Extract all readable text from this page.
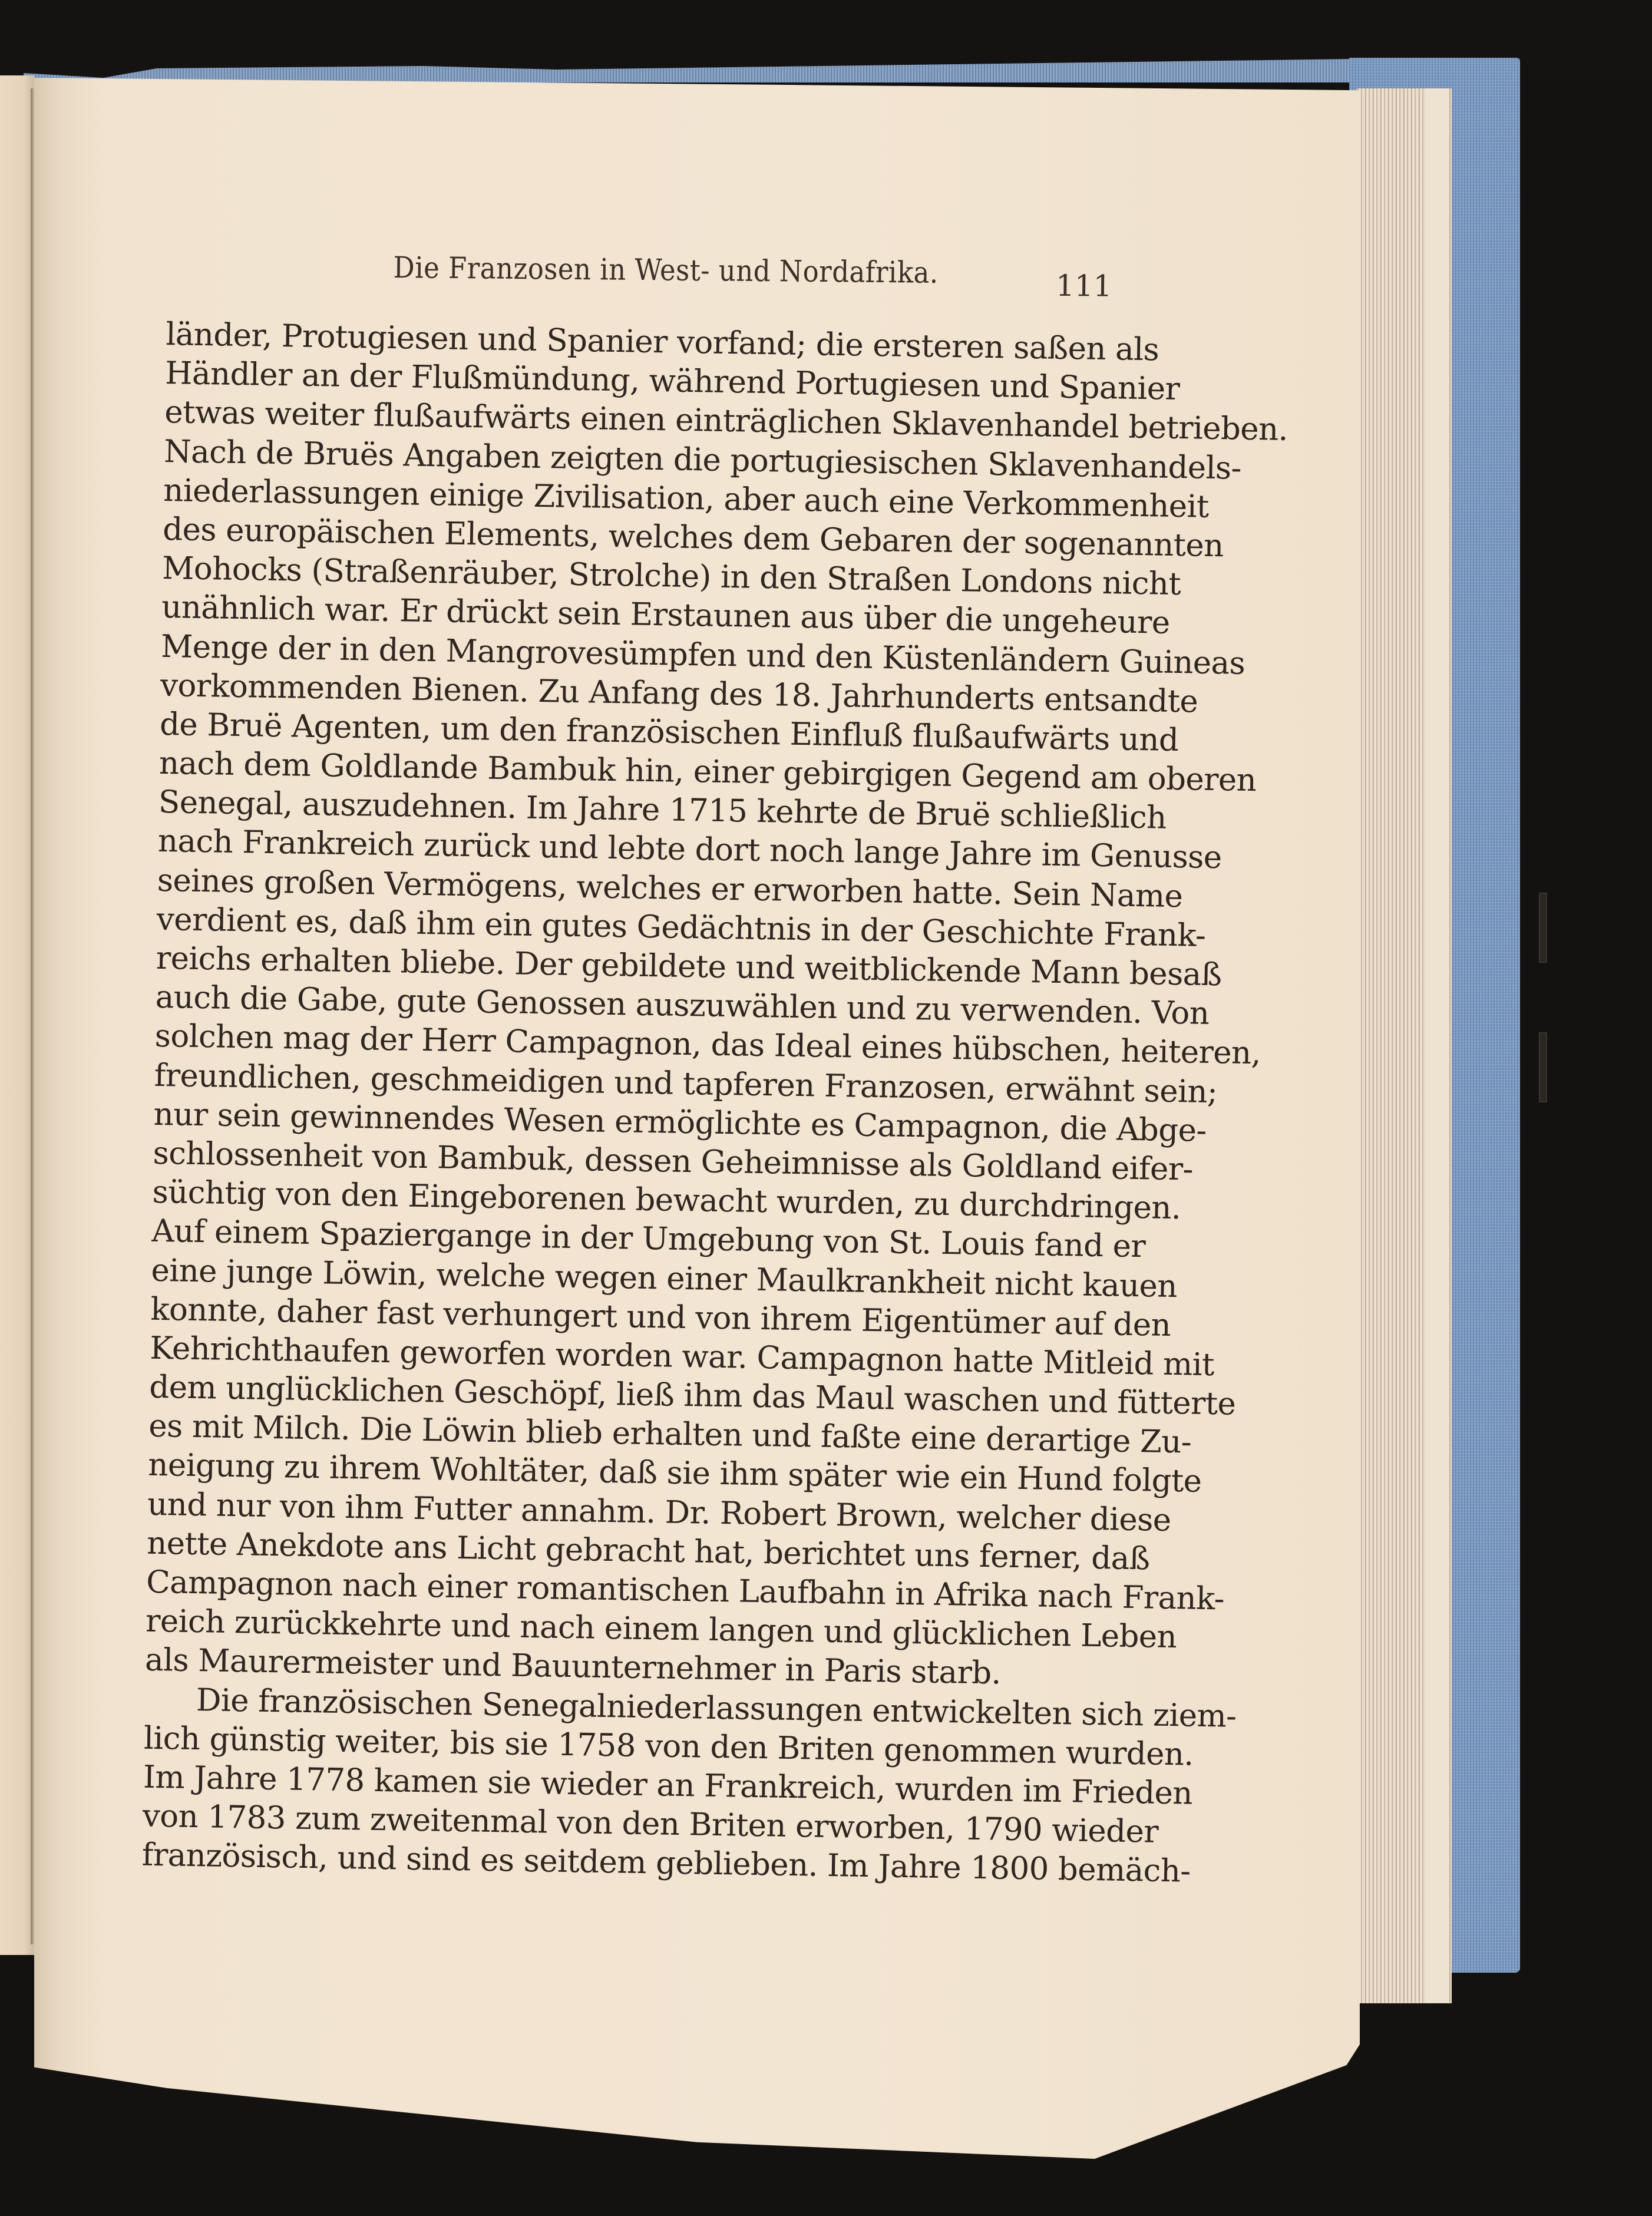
Die Franzosen in West- und Nordafrika.	111
länder, Protugiesen und Spanier vorfand; die ersteren saßen als
Händler an der Flußmündung, während Portugiesen und Spanier
etwas weiter flußaufwärts einen einträglichen Sklavenhandel betrieben.
Nach de Bruës Angaben zeigten die portugiesischen Sklavenhandels-
niederlassungen einige Zivilisation, aber auch eine Verkommenheit
des europäischen Elements, welches dem Gebaren der sogenannten
Mohocks (Straßenräuber, Strolche) in den Straßen Londons nicht
unähnlich war. Er drückt sein Erstaunen aus über die ungeheure
Menge der in den Mangrovesümpfen und den Küstenländern Guineas
vorkommenden Bienen. Zu Anfang des 18. Jahrhunderts entsandte
de Bruë Agenten, um den französischen Einfluß flußaufwärts und
nach dem Goldlande Bambuk hin, einer gebirgigen Gegend am oberen
Senegal, auszudehnen. Im Jahre 1715 kehrte de Bruë schließlich
nach Frankreich zurück und lebte dort noch lange Jahre im Genusse
seines großen Vermögens, welches er erworben hatte. Sein Name
verdient es, daß ihm ein gutes Gedächtnis in der Geschichte Frank-
reichs erhalten bliebe. Der gebildete und weitblickende Mann besaß
auch die Gabe, gute Genossen auszuwählen und zu verwenden. Von
solchen mag der Herr Campagnon, das Ideal eines hübschen, heiteren,
freundlichen, geschmeidigen und tapferen Franzosen, erwähnt sein;
nur sein gewinnendes Wesen ermöglichte es Campagnon, die Abge-
schlossenheit von Bambuk, dessen Geheimnisse als Goldland eifer-
süchtig von den Eingeborenen bewacht wurden, zu durchdringen.
Auf einem Spaziergange in der Umgebung von St. Louis fand er
eine junge Löwin, welche wegen einer Maulkrankheit nicht kauen
konnte, daher fast verhungert und von ihrem Eigentümer auf den
Kehrichthaufen geworfen worden war. Campagnon hatte Mitleid mit
dem unglücklichen Geschöpf, ließ ihm das Maul waschen und fütterte
es mit Milch. Die Löwin blieb erhalten und faßte eine derartige Zu-
neigung zu ihrem Wohltäter, daß sie ihm später wie ein Hund folgte
und nur von ihm Futter annahm. Dr. Robert Brown, welcher diese
nette Anekdote ans Licht gebracht hat, berichtet uns ferner, daß
Campagnon nach einer romantischen Laufbahn in Afrika nach Frank-
reich zurückkehrte und nach einem langen und glücklichen Leben
als Maurermeister und Bauunternehmer in Paris starb.
Die französischen Senegalniederlassungen entwickelten sich ziem-
lich günstig weiter, bis sie 1758 von den Briten genommen wurden.
Im Jahre 1778 kamen sie wieder an Frankreich, wurden im Frieden
von 1783 zum zweitenmal von den Briten erworben, 1790 wieder
französisch, und sind es seitdem geblieben. Im Jahre 1800 bemäch-
